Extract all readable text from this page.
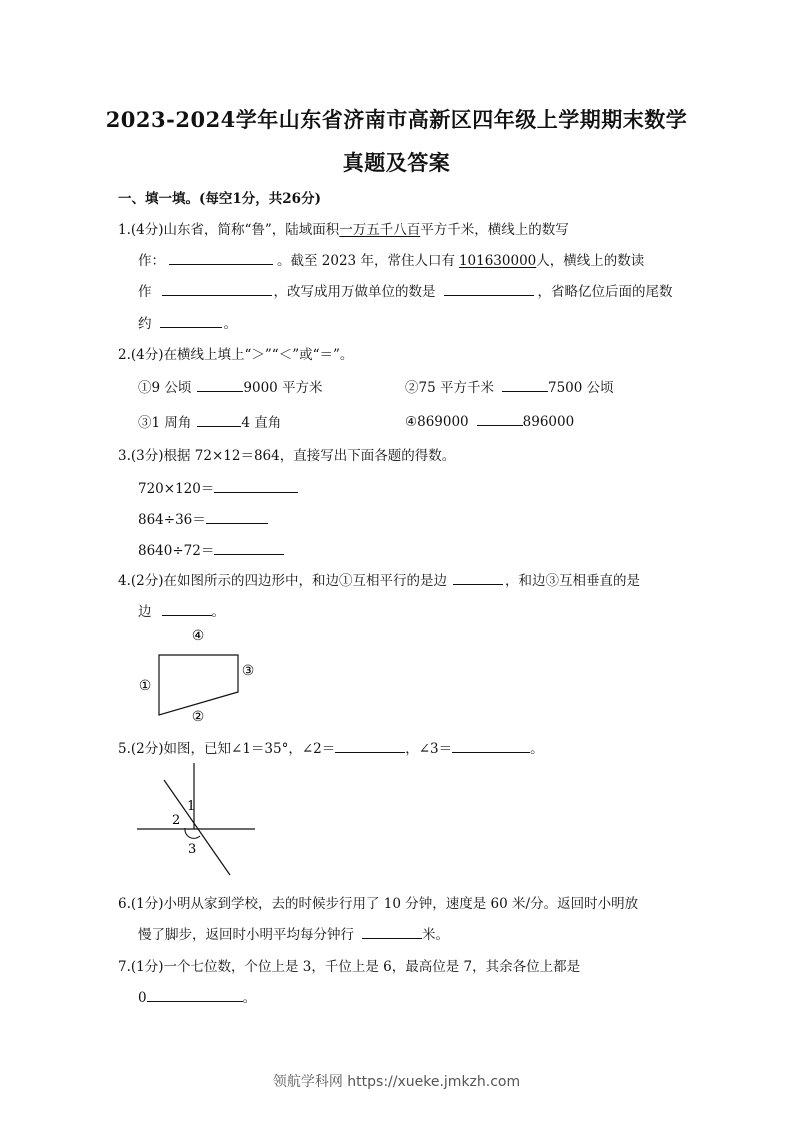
2023-2024学年山东省济南市高新区四年级上学期期末数学
真题及答案
一、填一填。(每空1分，共26分)
1.(4分)山东省，简称“鲁”，陆域面积一万五千八百平方千米，横线上的数写
作：	。截至 2023 年，常住人口有 101630000人，横线上的数读
作	，改写成用万做单位的数是	，省略亿位后面的尾数
约	。
2.(4分)在横线上填上“＞”“＜”或“＝”。
①9 公顷	9000 平方米	②75 平方千米	7500 公顷
③1 周角	4 直角	④869000	896000
3.(3分)根据 72×12＝864，直接写出下面各题的得数。
720×120＝
864÷36＝
8640÷72＝
4.(2分)在如图所示的四边形中，和边①互相平行的是边	，和边③互相垂直的是
边	。
④
①
③
②
5.(2分)如图，已知∠1＝35°，∠2＝	，∠3＝	。
1
2
3
6.(1分)小明从家到学校，去的时候步行用了 10 分钟，速度是 60 米/分。返回时小明放
慢了脚步，返回时小明平均每分钟行	米。
7.(1分)一个七位数，个位上是 3，千位上是 6，最高位是 7，其余各位上都是
0	。
领航学科网 https://xueke.jmkzh.com
